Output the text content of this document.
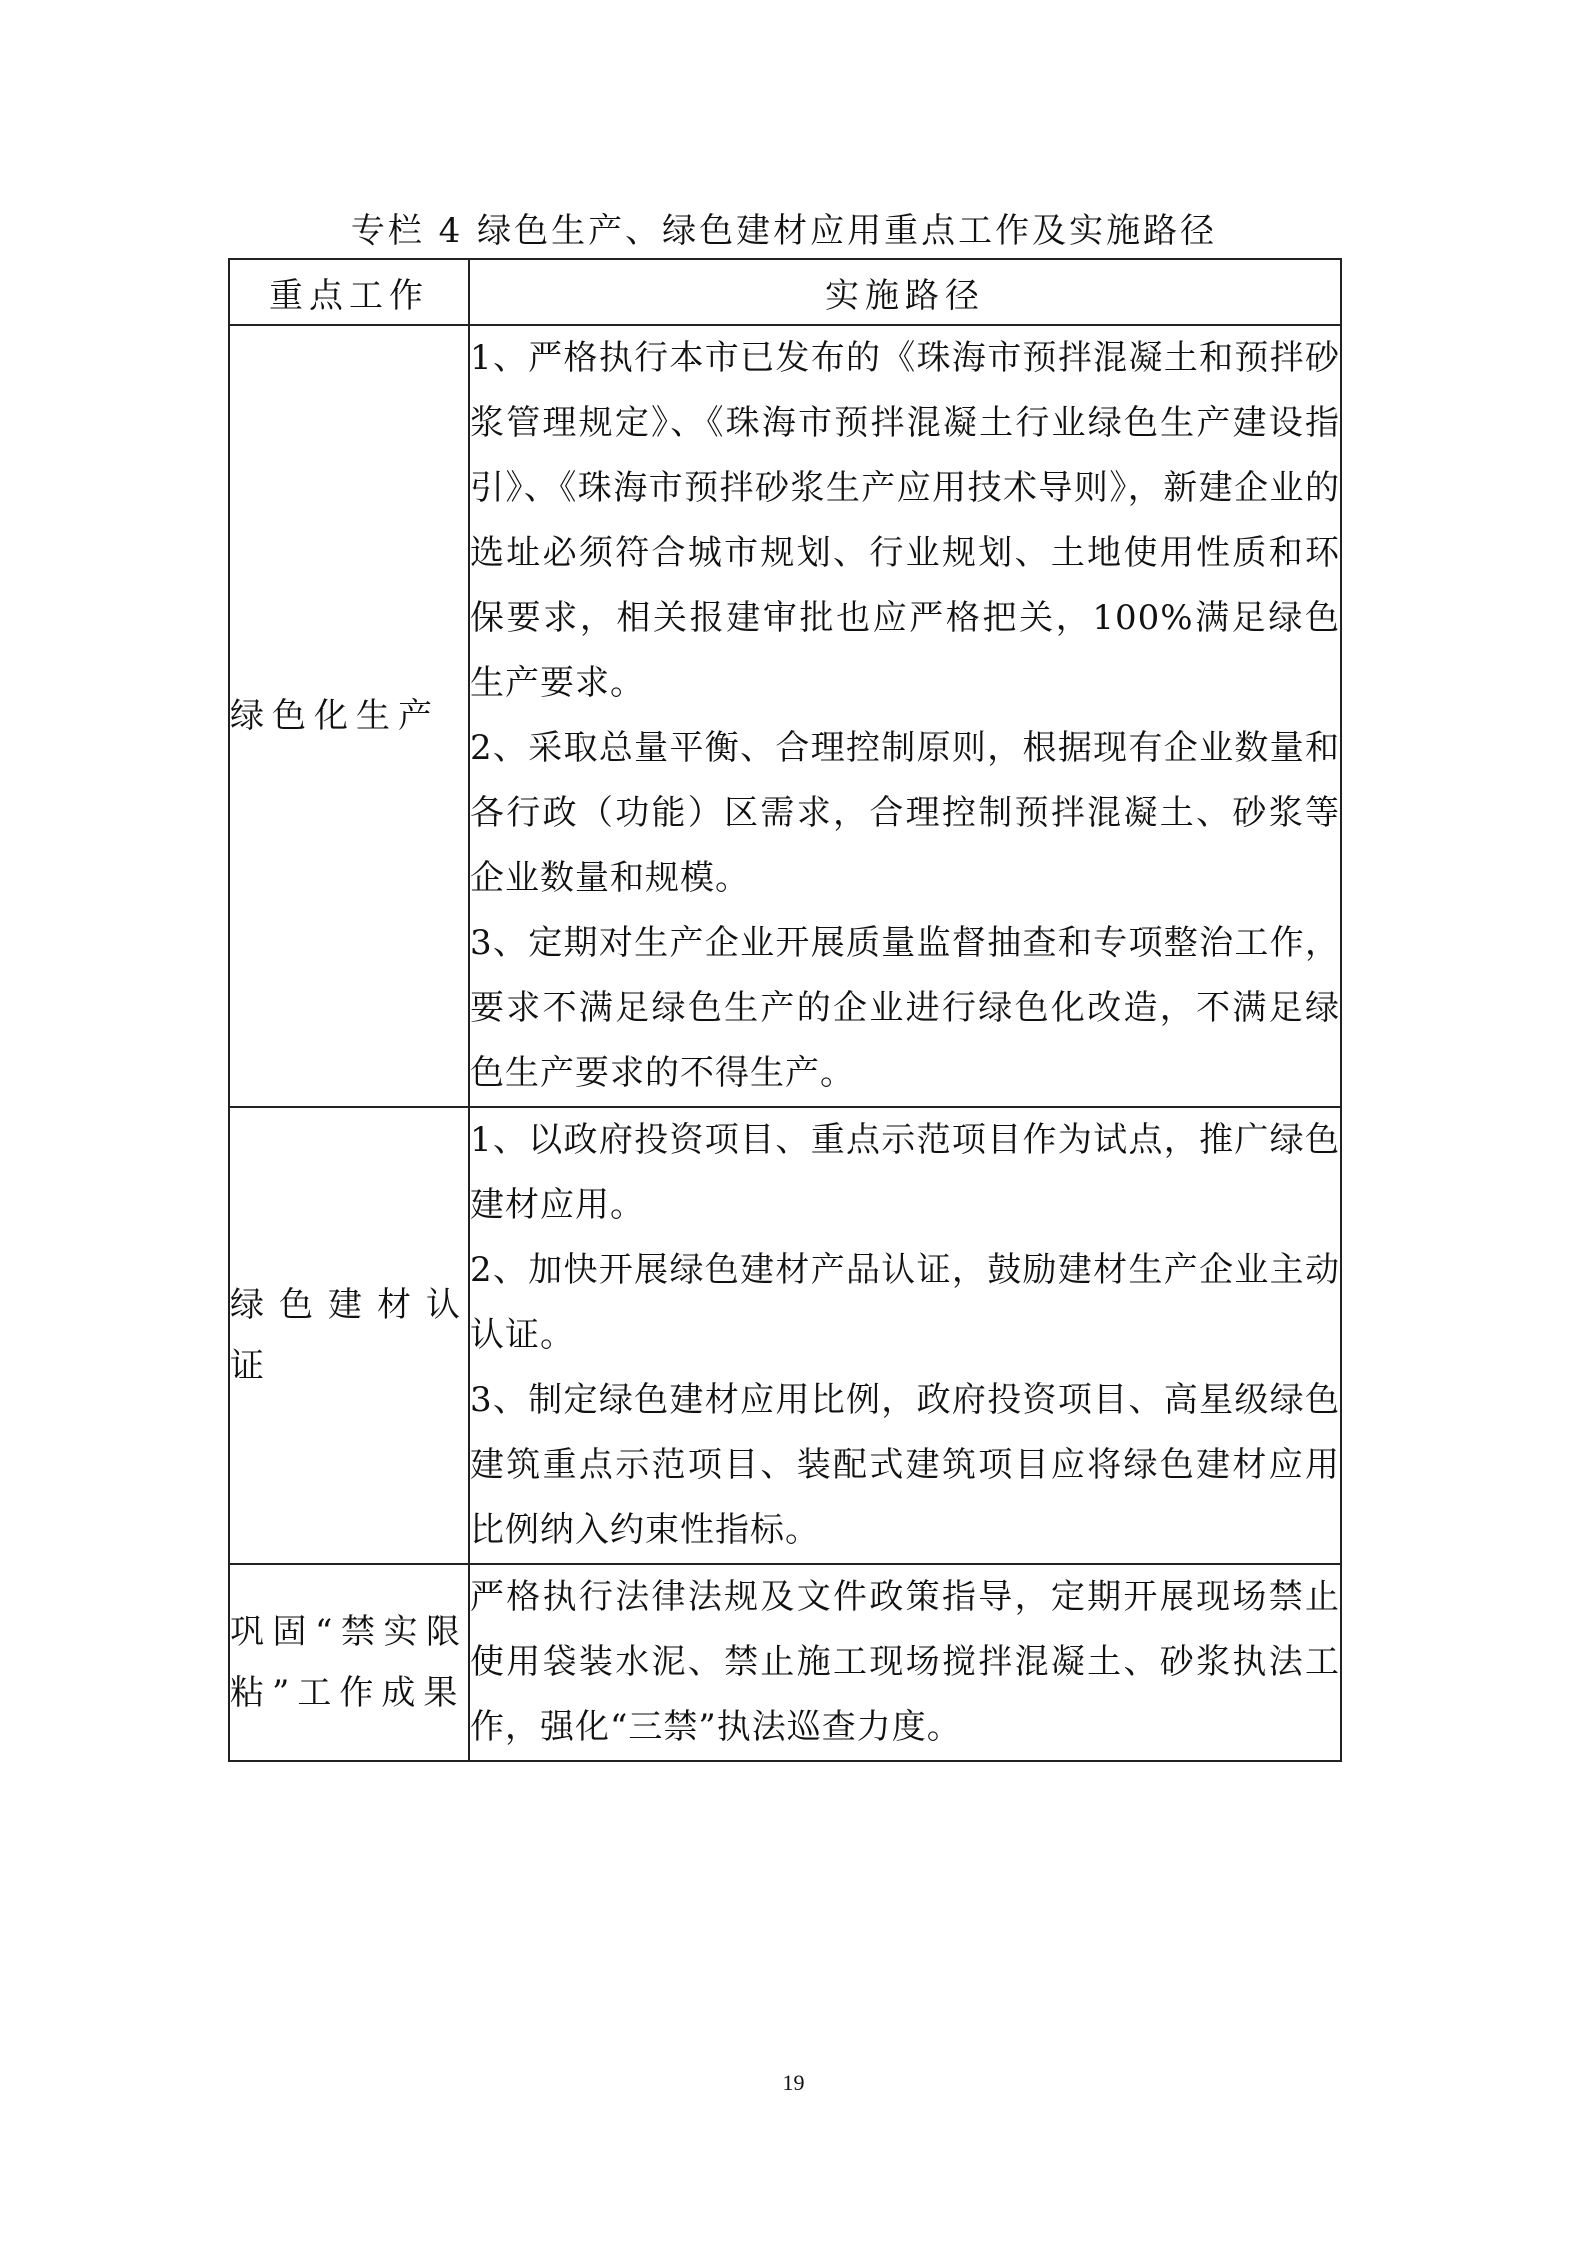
专栏 4 绿色生产、绿色建材应用重点工作及实施路径
重点工作	实施路径
绿色化生产	1、严格执行本市已发布的《珠海市预拌混凝土和预拌砂浆管理规定》、《珠海市预拌混凝土行业绿色生产建设指引》、《珠海市预拌砂浆生产应用技术导则》，新建企业的选址必须符合城市规划、行业规划、土地使用性质和环保要求，相关报建审批也应严格把关，100%满足绿色生产要求。
2、采取总量平衡、合理控制原则，根据现有企业数量和各行政（功能）区需求，合理控制预拌混凝土、砂浆等企业数量和规模。
3、定期对生产企业开展质量监督抽查和专项整治工作，要求不满足绿色生产的企业进行绿色化改造，不满足绿色生产要求的不得生产。

绿色建材认证	1、以政府投资项目、重点示范项目作为试点，推广绿色建材应用。
2、加快开展绿色建材产品认证，鼓励建材生产企业主动认证。
3、制定绿色建材应用比例，政府投资项目、高星级绿色建筑重点示范项目、装配式建筑项目应将绿色建材应用比例纳入约束性指标。

巩固“禁实限粘”工作成果	严格执行法律法规及文件政策指导，定期开展现场禁止使用袋装水泥、禁止施工现场搅拌混凝土、砂浆执法工作，强化“三禁”执法巡查力度。
19
